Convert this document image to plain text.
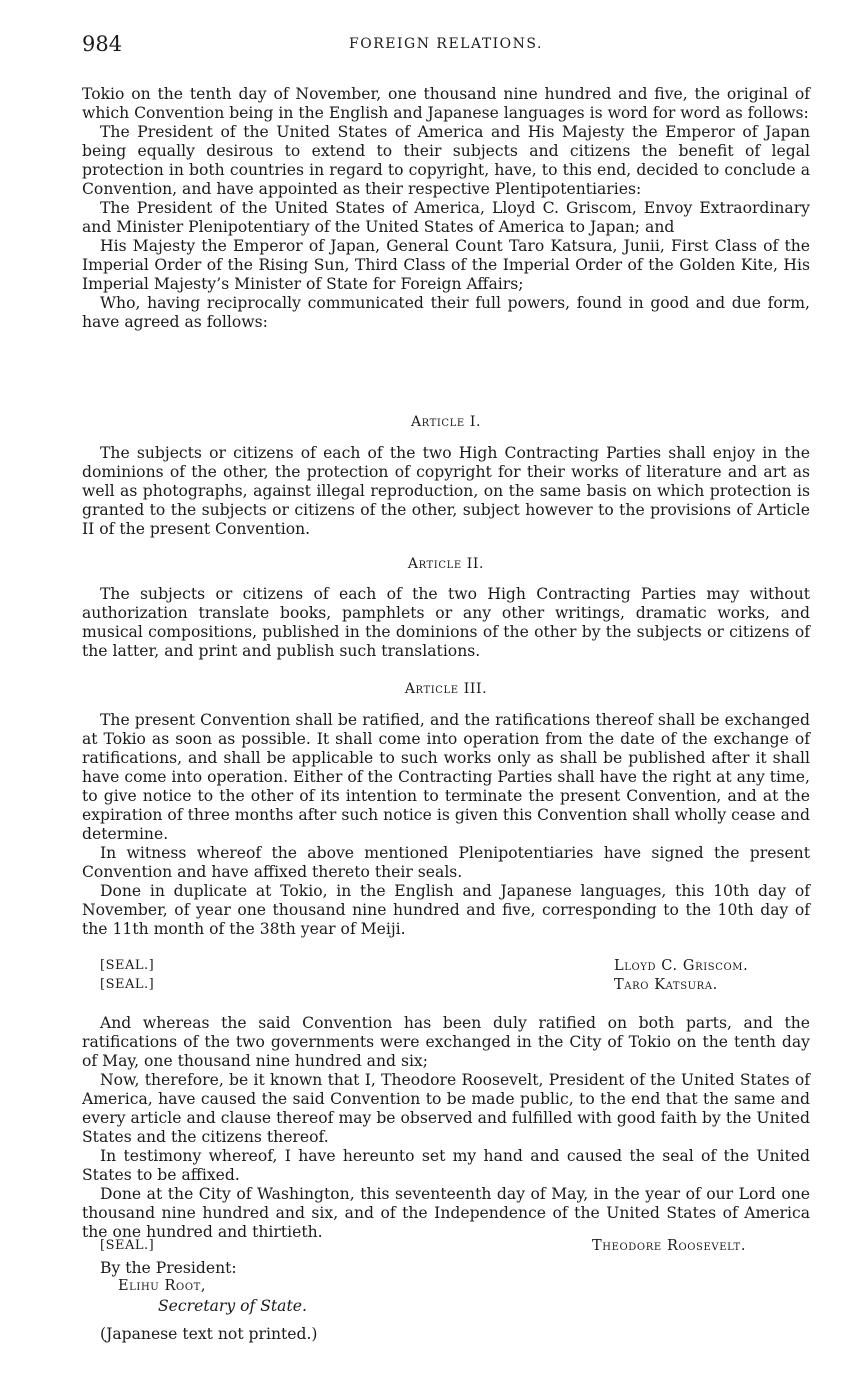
984	FOREIGN RELATIONS.

Tokio on the tenth day of November, one thousand nine hundred and five, the original of which Convention being in the English and Japanese languages is word for word as follows:

The President of the United States of America and His Majesty the Emperor of Japan being equally desirous to extend to their subjects and citizens the benefit of legal protection in both countries in regard to copyright, have, to this end, decided to conclude a Convention, and have appointed as their respective Plentipotentiaries:

The President of the United States of America, Lloyd C. Griscom, Envoy Extraordinary and Minister Plenipotentiary of the United States of America to Japan; and

His Majesty the Emperor of Japan, General Count Taro Katsura, Junii, First Class of the Imperial Order of the Rising Sun, Third Class of the Imperial Order of the Golden Kite, His Imperial Majesty’s Minister of State for Foreign Affairs;

Who, having reciprocally communicated their full powers, found in good and due form, have agreed as follows:

Article I.

The subjects or citizens of each of the two High Contracting Parties shall enjoy in the dominions of the other, the protection of copyright for their works of literature and art as well as photographs, against illegal reproduction, on the same basis on which protection is granted to the subjects or citizens of the other, subject however to the provisions of Article II of the present Convention.

Article II.

The subjects or citizens of each of the two High Contracting Parties may without authorization translate books, pamphlets or any other writings, dramatic works, and musical compositions, published in the dominions of the other by the subjects or citizens of the latter, and print and publish such translations.

Article III.

The present Convention shall be ratified, and the ratifications thereof shall be exchanged at Tokio as soon as possible. It shall come into operation from the date of the exchange of ratifications, and shall be applicable to such works only as shall be published after it shall have come into operation. Either of the Contracting Parties shall have the right at any time, to give notice to the other of its intention to terminate the present Convention, and at the expiration of three months after such notice is given this Convention shall wholly cease and determine.

In witness whereof the above mentioned Plenipotentiaries have signed the present Convention and have affixed thereto their seals.

Done in duplicate at Tokio, in the English and Japanese languages, this 10th day of November, of year one thousand nine hundred and five, corresponding to the 10th day of the 11th month of the 38th year of Meiji.

[SEAL.]	Lloyd C. Griscom.
[SEAL.]	Taro Katsura.

And whereas the said Convention has been duly ratified on both parts, and the ratifications of the two governments were exchanged in the City of Tokio on the tenth day of May, one thousand nine hundred and six;

Now, therefore, be it known that I, Theodore Roosevelt, President of the United States of America, have caused the said Convention to be made public, to the end that the same and every article and clause thereof may be observed and fulfilled with good faith by the United States and the citizens thereof.

In testimony whereof, I have hereunto set my hand and caused the seal of the United States to be affixed.

Done at the City of Washington, this seventeenth day of May, in the year of our Lord one thousand nine hundred and six, and of the Independence of the United States of America the one hundred and thirtieth.

[SEAL.]	Theodore Roosevelt.
By the President:
Elihu Root,
Secretary of State.
(Japanese text not printed.)
